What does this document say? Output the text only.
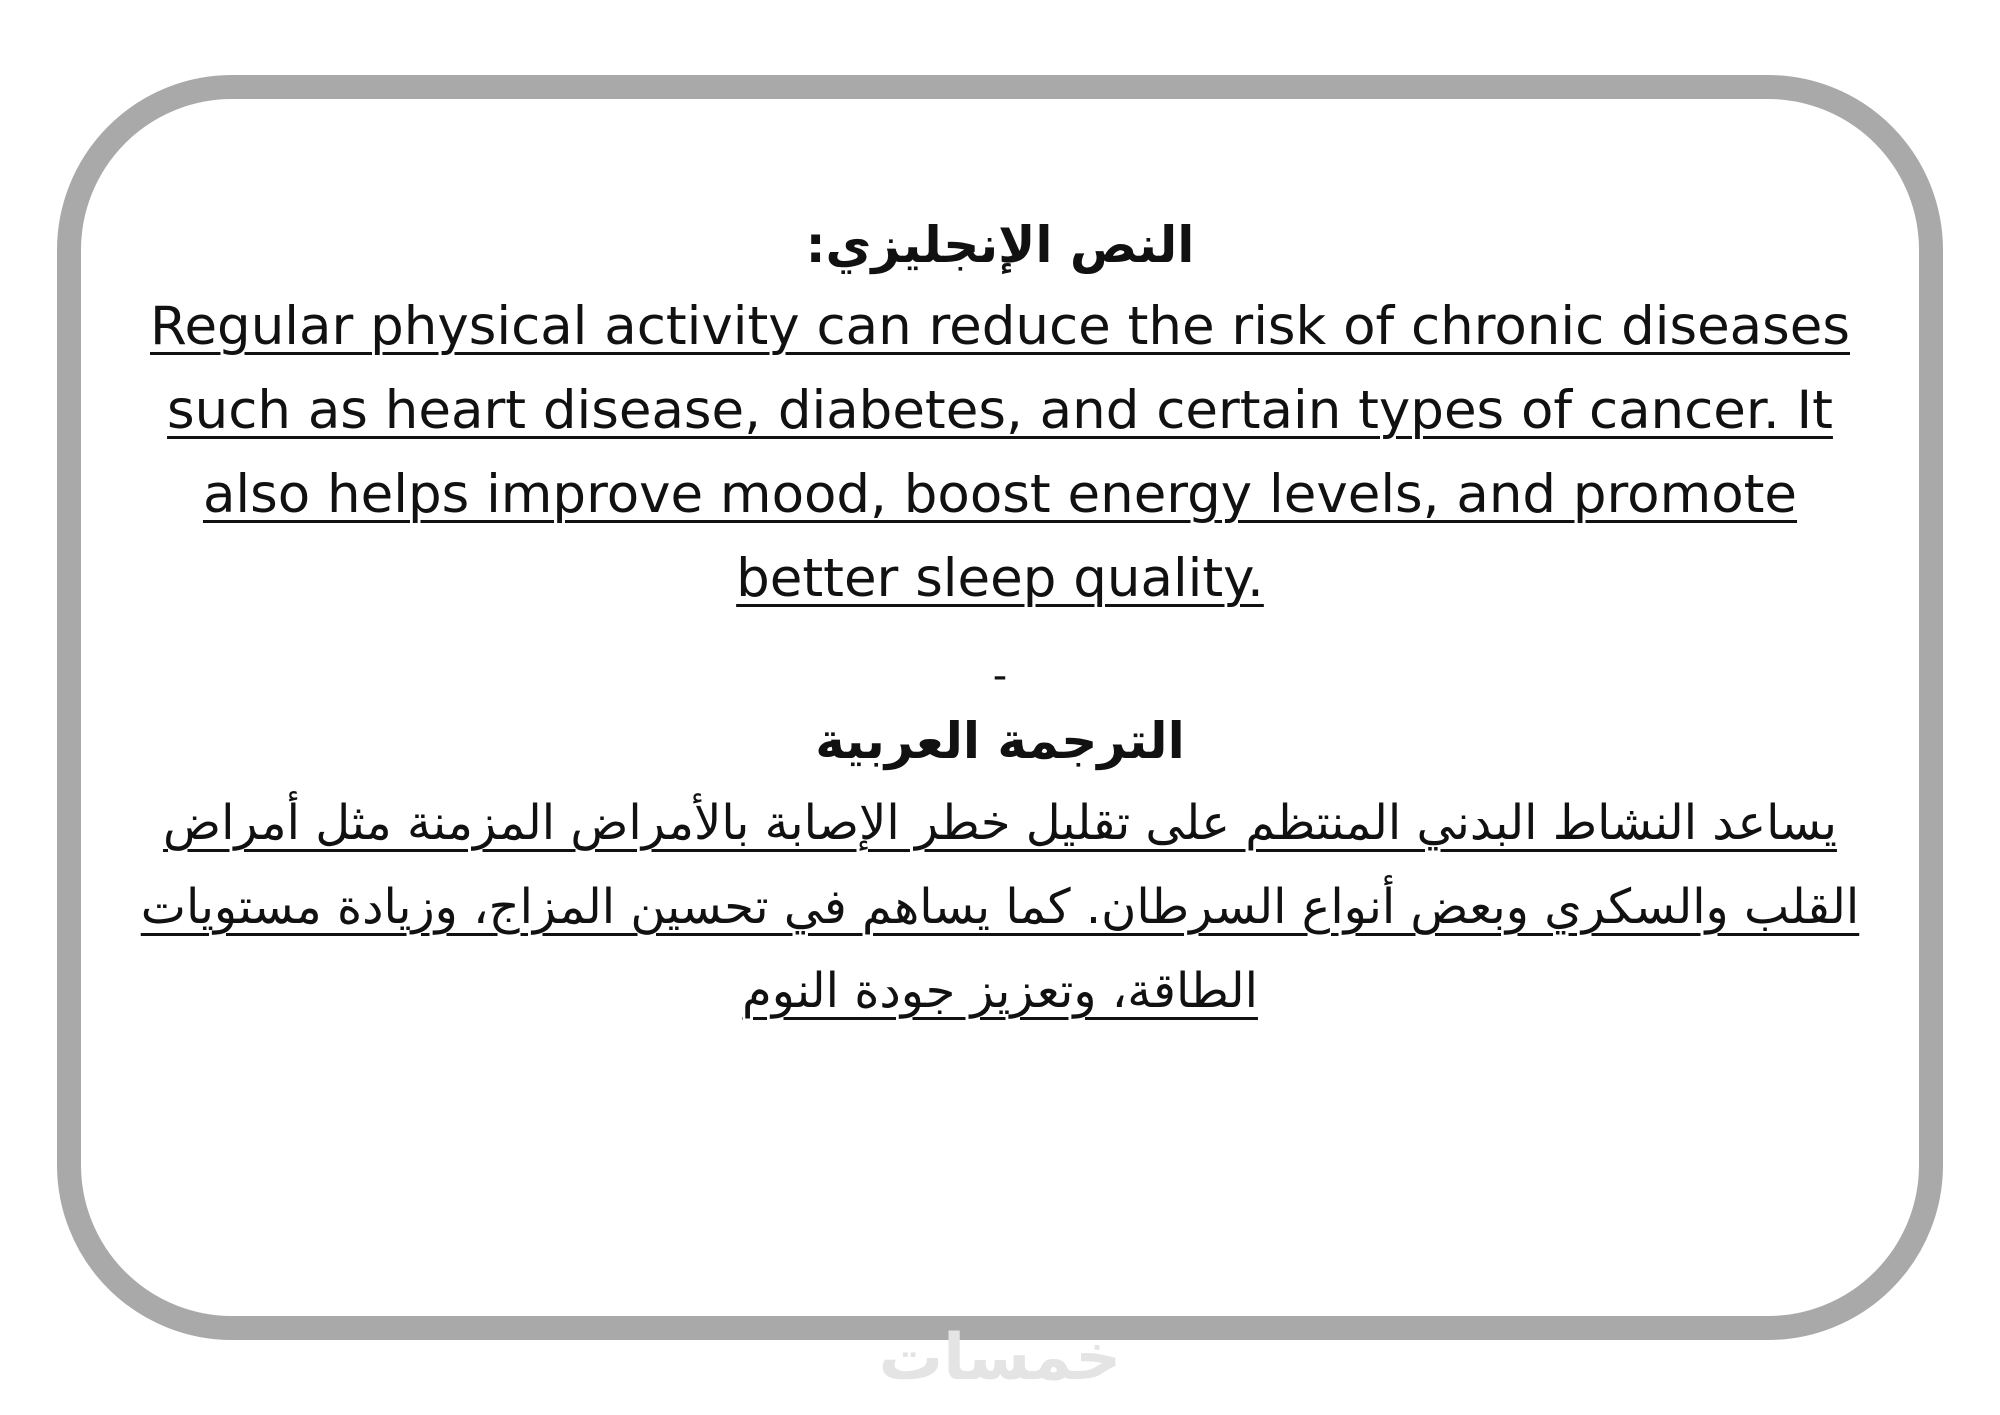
النص الإنجليزي:

Regular physical activity can reduce the risk of chronic diseases such as heart disease, diabetes, and certain types of cancer. It also helps improve mood, boost energy levels, and promote better sleep quality.

-

الترجمة العربية

يساعد النشاط البدني المنتظم على تقليل خطر الإصابة بالأمراض المزمنة مثل أمراض القلب والسكري وبعض أنواع السرطان. كما يساهم في تحسين المزاج، وزيادة مستويات الطاقة، وتعزيز جودة النوم

خمسات
